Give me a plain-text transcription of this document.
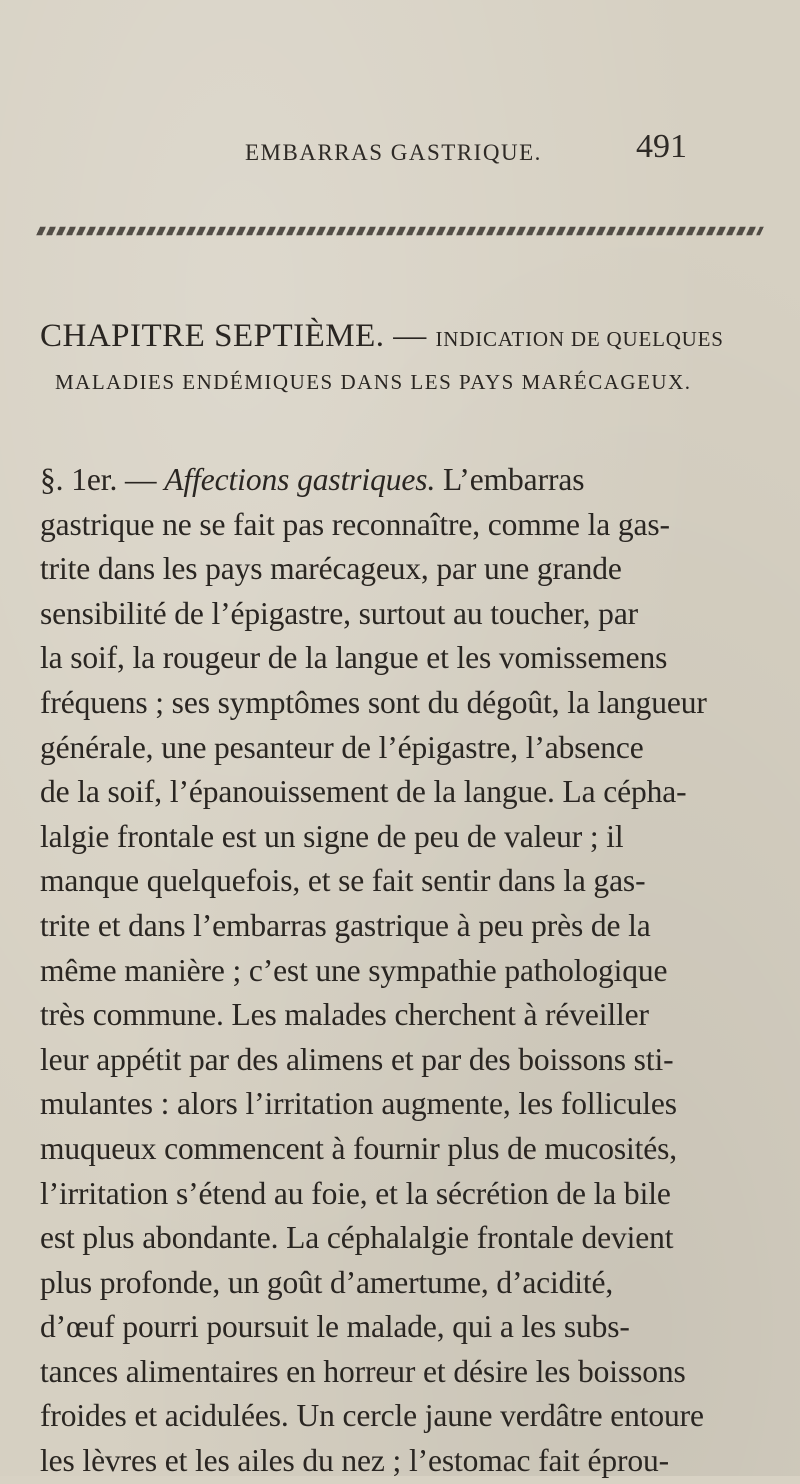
EMBARRAS GASTRIQUE.	491
CHAPITRE SEPTIÈME. — INDICATION DE QUELQUES
MALADIES ENDÉMIQUES DANS LES PAYS MARÉCAGEUX.
§. 1er. — Affections gastriques. L’embarras
gastrique ne se fait pas reconnaître, comme la gas-
trite dans les pays marécageux, par une grande
sensibilité de l’épigastre, surtout au toucher, par
la soif, la rougeur de la langue et les vomissemens
fréquens ; ses symptômes sont du dégoût, la langueur
générale, une pesanteur de l’épigastre, l’absence
de la soif, l’épanouissement de la langue. La cépha-
lalgie frontale est un signe de peu de valeur ; il
manque quelquefois, et se fait sentir dans la gas-
trite et dans l’embarras gastrique à peu près de la
même manière ; c’est une sympathie pathologique
très commune. Les malades cherchent à réveiller
leur appétit par des alimens et par des boissons sti-
mulantes : alors l’irritation augmente, les follicules
muqueux commencent à fournir plus de mucosités,
l’irritation s’étend au foie, et la sécrétion de la bile
est plus abondante. La céphalalgie frontale devient
plus profonde, un goût d’amertume, d’acidité,
d’œuf pourri poursuit le malade, qui a les subs-
tances alimentaires en horreur et désire les boissons
froides et acidulées. Un cercle jaune verdâtre entoure
les lèvres et les ailes du nez ; l’estomac fait éprou-
